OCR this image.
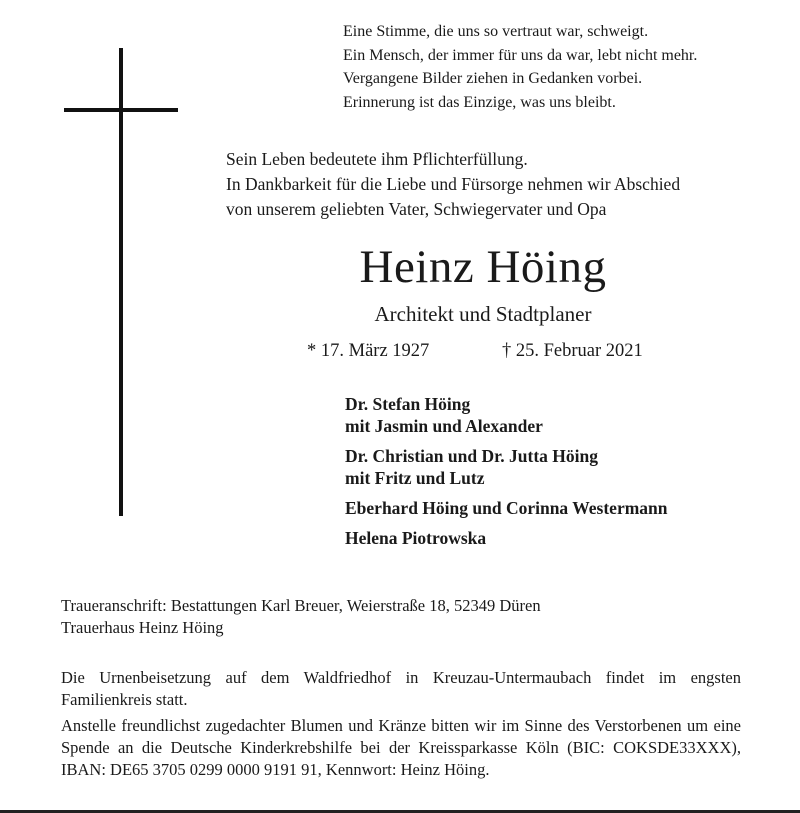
Eine Stimme, die uns so vertraut war, schweigt.
Ein Mensch, der immer für uns da war, lebt nicht mehr.
Vergangene Bilder ziehen in Gedanken vorbei.
Erinnerung ist das Einzige, was uns bleibt.
Sein Leben bedeutete ihm Pflichterfüllung.
In Dankbarkeit für die Liebe und Fürsorge nehmen wir Abschied
von unserem geliebten Vater, Schwiegervater und Opa
Heinz Höing
Architekt und Stadtplaner
* 17. März 1927	† 25. Februar 2021
Dr. Stefan Höing
mit Jasmin und Alexander
Dr. Christian und Dr. Jutta Höing
mit Fritz und Lutz
Eberhard Höing und Corinna Westermann
Helena Piotrowska
Traueranschrift: Bestattungen Karl Breuer, Weierstraße 18, 52349 Düren
Trauerhaus Heinz Höing

Die Urnenbeisetzung auf dem Waldfriedhof in Kreuzau-Untermaubach findet im engsten Familienkreis statt.

Anstelle freundlichst zugedachter Blumen und Kränze bitten wir im Sinne des Verstorbenen um eine Spende an die Deutsche Kinderkrebshilfe bei der Kreissparkasse Köln (BIC: COKSDE33XXX), IBAN: DE65 3705 0299 0000 9191 91, Kennwort: Heinz Höing.
